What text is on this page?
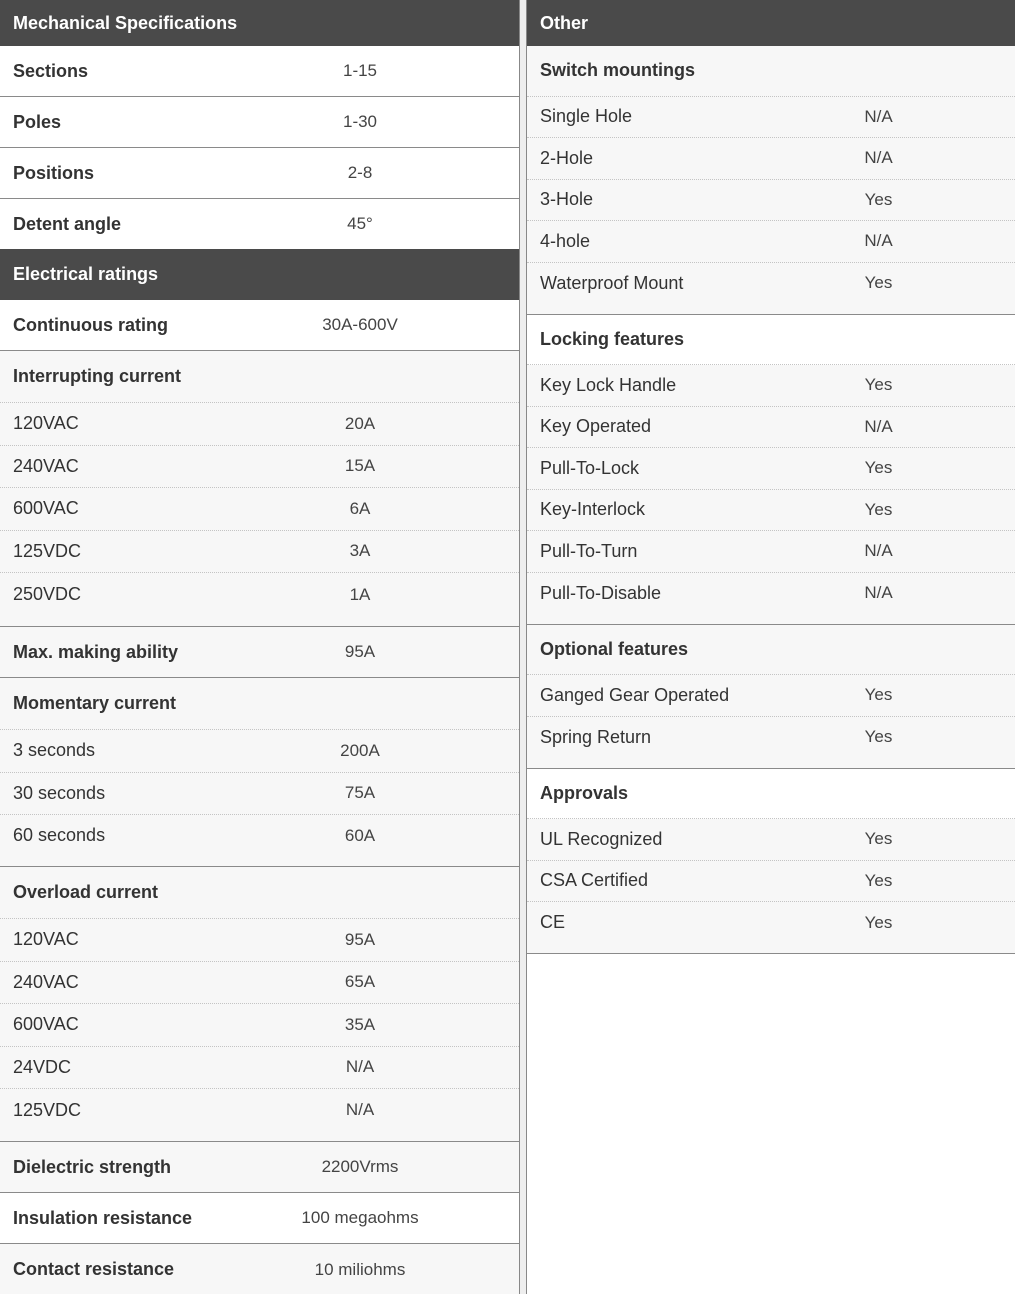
Mechanical Specifications
Sections	1-15
Poles	1-30
Positions	2-8
Detent angle	45°
Electrical ratings
Continuous rating	30A-600V
Interrupting current
120VAC	20A
240VAC	15A
600VAC	6A
125VDC	3A
250VDC	1A
Max. making ability	95A
Momentary current
3 seconds	200A
30 seconds	75A
60 seconds	60A
Overload current
120VAC	95A
240VAC	65A
600VAC	35A
24VDC	N/A
125VDC	N/A
Dielectric strength	2200Vrms
Insulation resistance	100 megaohms
Contact resistance	10 miliohms
Other
Switch mountings
Single Hole	N/A
2-Hole	N/A
3-Hole	Yes
4-hole	N/A
Waterproof Mount	Yes
Locking features
Key Lock Handle	Yes
Key Operated	N/A
Pull-To-Lock	Yes
Key-Interlock	Yes
Pull-To-Turn	N/A
Pull-To-Disable	N/A
Optional features
Ganged Gear Operated	Yes
Spring Return	Yes
Approvals
UL Recognized	Yes
CSA Certified	Yes
CE	Yes
